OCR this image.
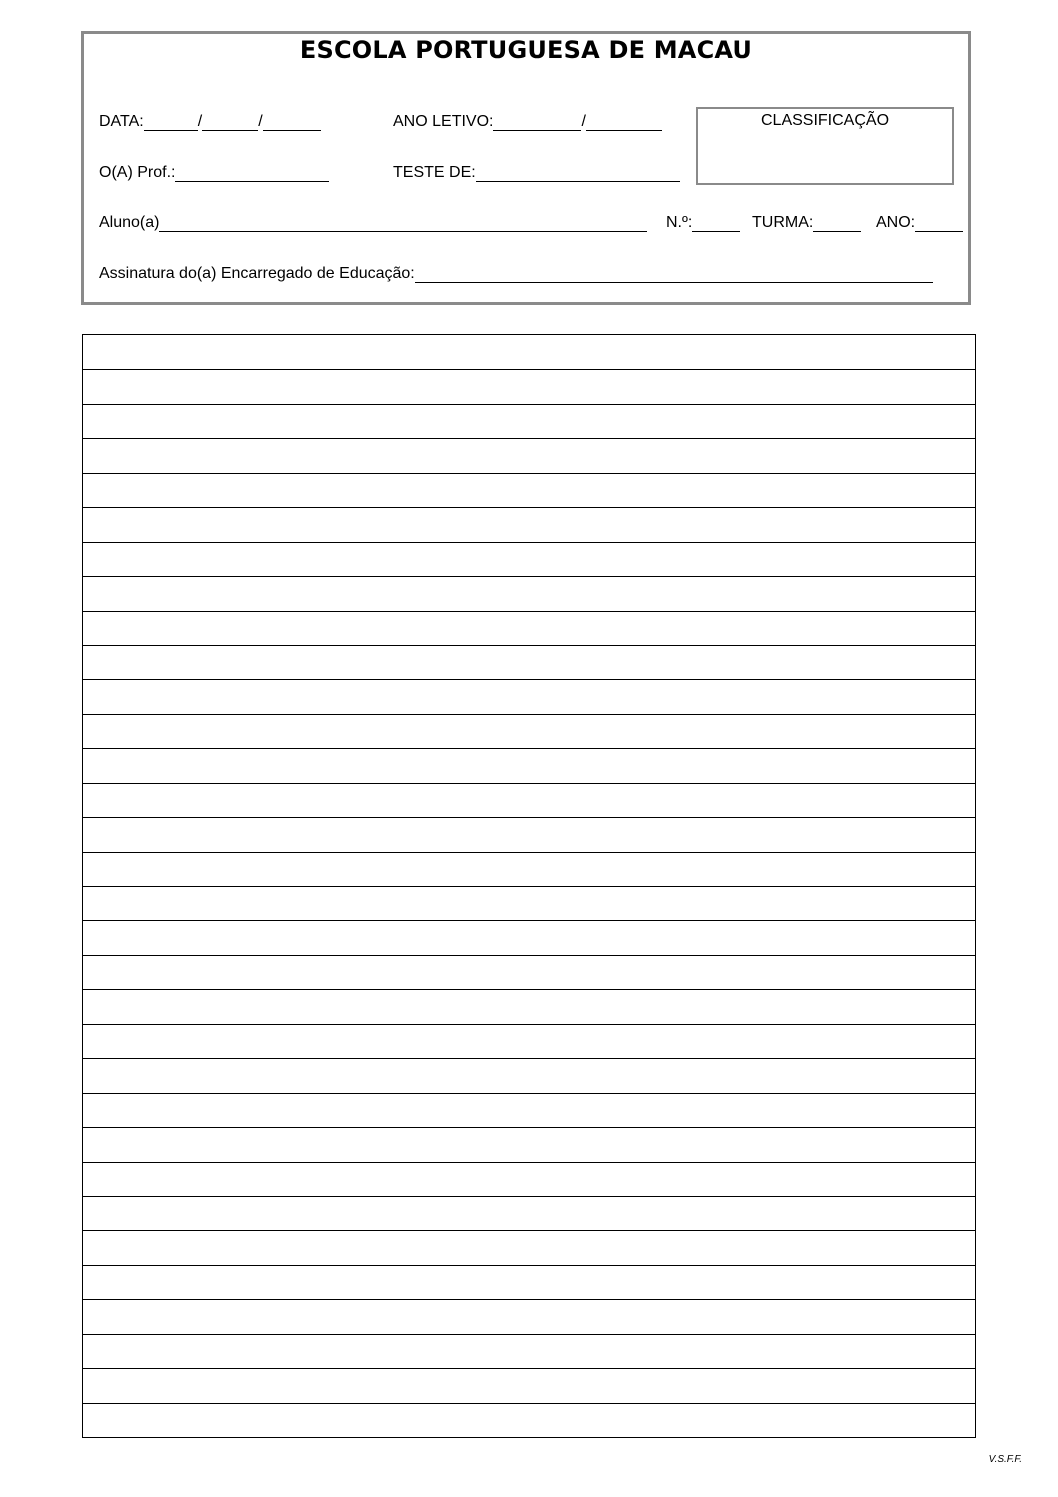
ESCOLA PORTUGUESA DE MACAU
DATA:	/	/	ANO LETIVO:	/	CLASSIFICAÇÃO
O(A) Prof.:	TESTE DE:
Aluno(a)	N.º:	TURMA:	ANO:
Assinatura do(a) Encarregado de Educação:
V.S.F.F.
